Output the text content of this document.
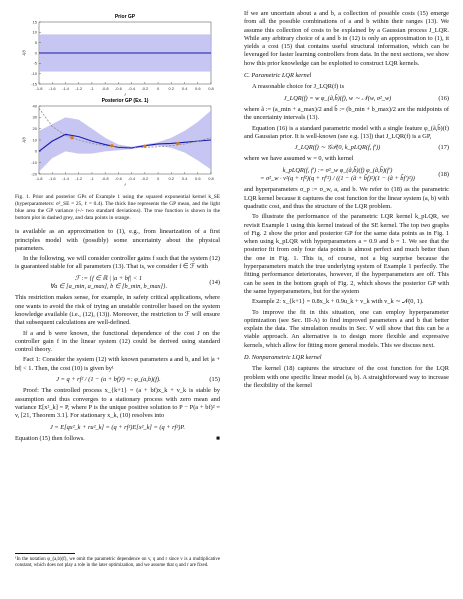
Prior GP
-1.8 -1.6 -1.4 -1.2 -1 -0.8 -0.6 -0.4 -0.2 0 0.2 0.4 0.6 0.8
15
10
5
0
-5
-10
-15
f
J(f)
Posterior GP (Ex. 1)
-1.8 -1.6 -1.4 -1.2 -1 -0.8 -0.6 -0.4 -0.2 0 0.2 0.4 0.6 0.8
40
30
20
10
0
-10
-20
f
J(f)
Fig. 1. Prior and posterior GPs of Example 1 using the squared exponential kernel k_SE (hyperparameters: σ²_SE = 25, ℓ = 0.4). The thick line represents the GP mean, and the light blue area the GP variance (+/- two standard deviations). The true function is shown in the bottom plot in dashed grey, and data points in orange.

is available as an approximation to (1), e.g., from linearization of a first principles model with (possibly) some uncertainty about the physical parameters.

In the following, we will consider controller gains f such that the system (12) is guaranteed stable for all parameters (13). That is, we consider f ∈ ℱ with

ℱ := {f ∈ ℝ | |a + bf| < 1
∀a ∈ [a_min, a_max], b ∈ [b_min, b_max]}.
(14)

This restriction makes sense, for example, in safety critical applications, where one wants to avoid the risk of trying an unstable controller based on the system knowledge available (i.e., (12), (13)). Moreover, the restriction to ℱ will ensure that subsequent calculations are well-defined.

If a and b were known, the functional dependence of the cost J on the controller gain f in the linear system (12) could be derived using standard control theory.

Fact 1: Consider the system (12) with known parameters a and b, and let |a + bf| < 1. Then, the cost (10) is given by¹

J = q + rf² / (1 − (a + bf)²) =: φ_(a,b)(f).	(15)

Proof: The controlled process x_{k+1} = (a + bf)x_k + v_k is stable by assumption and thus converges to a stationary process with zero mean and variance E[x²_k] = P, where P is the unique positive solution to P − P(a + bf)² = v, [21, Theorem 3.1]. For stationary x_k, (10) resolves into

J = E[qx²_k + ru²_k] = (q + rf²)E[x²_k] = (q + rf²)P.

Equation (15) then follows.	■

¹In the notation φ_(a,b)(f), we omit the parametric dependence on v, q and r since v is a multiplicative constant, which does not play a role in the later optimization, and we assume that q and r are fixed.

If we are uncertain about a and b, a collection of possible costs (15) emerge from all the possible combinations of a and b within their ranges (13). We assume this collection of costs to be explained by a Gaussian process J_LQR. While any arbitrary choice of a and b in (12) is only an approximation to (1), it yields a cost (15) that contains useful structural information, which can be leveraged for faster learning controllers from data. In the next sections, we show how this prior knowledge can be exploited to construct LQR kernels.

C. Parametric LQR kernel

A reasonable choice for J_LQR(f) is

J_LQR(f) = w φ_(ã,b̃)(f), w ∼ 𝒩(w, σ²_w)	(16)

where ã := (a_min + a_max)/2 and b̃ := (b_min + b_max)/2 are the midpoints of the uncertainty intervals (13).

Equation (16) is a standard parametric model with a single feature φ_(ã,b̃)(f) and Gaussian prior. It is well-known (see e.g. [13]) that J_LQR(f) is a GP,

J_LQR(f) ∼ 𝒢𝒫(0, k_pLQR(f, f′))	(17)

where we have assumed w = 0, with kernel

k_pLQR(f, f′) := σ²_w φ_(ã,b̃)(f) φ_(ã,b̃)(f′)
= σ²_w · v²(q + rf²)(q + rf′²) / ((1 − (ã + b̃f)²)(1 − (ã + b̃f′)²))
(18)

and hyperparameters σ_p := σ_w, a, and b. We refer to (18) as the parametric LQR kernel because it captures the cost function for the linear system (a, b) with quadratic cost, and thus the structure of the LQR problem.

To illustrate the performance of the parametric LQR kernel k_pLQR, we revisit Example 1 using this kernel instead of the SE kernel. The top two graphs of Fig. 2 show the prior and posterior GP for the same data points as in Fig. 1 when using k_pLQR with hyperparameters a = 0.9 and b = 1. We see that the posterior fit from only four data points is almost perfect and much better than the one in Fig. 1. This is, of course, not a big surprise because the hyperparameters match the true underlying system of Example 1 perfectly. The fitting performance deteriorates, however, if the hyperparameters are off. This can be seen in the bottom graph of Fig. 2, which shows the posterior GP with the same hyperparameters, but for the system

Example 2: x_{k+1} = 0.8x_k + 0.9u_k + v_k with v_k ∼ 𝒩(0, 1).

To improve the fit in this situation, one can employ hyperparameter optimization (see Sec. III-A) to find improved parameters a and b that better explain the data. The simulation results in Sec. V will show that this can be a viable approach. An alternative is to design more flexible and expressive kernels, which allow for fitting more general models. This we discuss next.

D. Nonparametric LQR kernel

The kernel (18) captures the structure of the cost function for the LQR problem with one specific linear model (a, b). A straightforward way to increase the flexibility of the kernel
